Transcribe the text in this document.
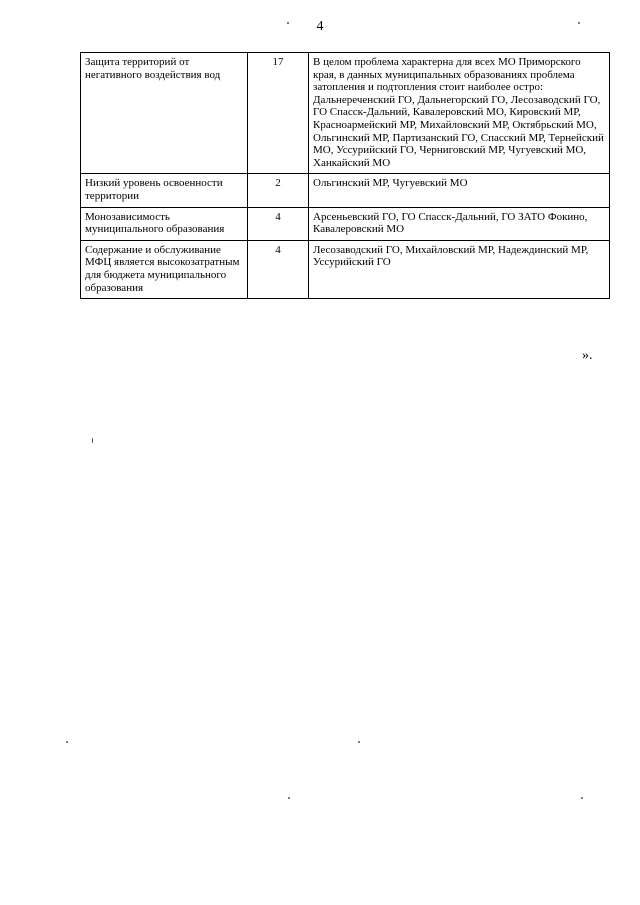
4
Защита территорий от негативного воздействия вод	17	В целом проблема характерна для всех МО Приморского края, в данных муниципальных образованиях проблема затопления и подтопления стоит наиболее остро: Дальнереченский ГО, Дальнегорский ГО, Лесозаводский ГО, ГО Спасск-Дальний, Кавалеровский МО, Кировский МР, Красноармейский МР, Михайловский МР, Октябрьский МО, Ольгинский МР, Партизанский ГО, Спасский МР, Тернейский МО, Уссурийский ГО, Черниговский МР, Чугуевский МО, Ханкайский МО
Низкий уровень освоенности территории	2	Ольгинский МР, Чугуевский МО
Монозависимость муниципального образования	4	Арсеньевский ГО, ГО Спасск-Дальний, ГО ЗАТО Фокино, Кавалеровский МО
Содержание и обслуживание МФЦ является высокозатратным для бюджета муниципального образования	4	Лесозаводский ГО, Михайловский МР, Надеждинский МР, Уссурийский ГО
».
